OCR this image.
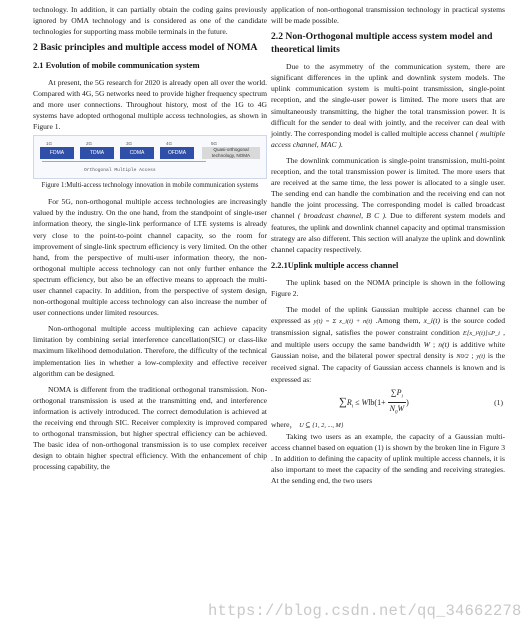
technology. In addition, it can partially obtain the coding gains previously ignored by OMA technology and is considered as one of the candidate technologies for supporting mass mobile terminals in the future.

2 Basic principles and multiple access model of NOMA
2.1 Evolution of mobile communication system

At present, the 5G research for 2020 is already open all over the world. Compared with 4G, 5G networks need to provide higher frequency spectrum and more user connections. Throughout history, most of the 1G to 4G systems have adopted orthogonal multiple access technologies, as shown in Figure 1.

1G	2G	3G	4G	5G
FDMA	TDMA	CDMA	OFDMA
Quasi-orthogonal technology, NOMA
Orthogonal Multiple Access
Figure 1:Multi-access technology innovation in mobile communication systems

For 5G, non-orthogonal multiple access technologies are increasingly valued by the industry. On the one hand, from the standpoint of single-user information theory, the single-link performance of LTE systems is already very close to the point-to-point channel capacity, so the room for improvement of single-link spectrum efficiency is very limited. On the other hand, from the perspective of multi-user information theory, the non-orthogonal multiple access technology can not only further enhance the spectrum efficiency, but also be an effective means to approach the multi-user channel capacity. In addition, from the perspective of system design, non-orthogonal multiple access technology can also increase the number of user connections under limited resources.

Non-orthogonal multiple access multiplexing can achieve capacity limitation by combining serial interference cancellation(SIC) or class-like maximum likelihood demodulation. Therefore, the difficulty of the technical implementation lies in whether a low-complexity and effective receiver algorithm can be designed.

NOMA is different from the traditional orthogonal transmission. Non-orthogonal transmission is used at the transmitting end, and interference information is actively introduced. The correct demodulation is achieved at the receiving end through SIC. Receiver complexity is improved compared to orthogonal transmission, but higher spectral efficiency can be achieved. The basic idea of non-orthogonal transmission is to use complex receiver design to obtain higher spectral efficiency. With the enhancement of chip processing capability, the

application of non-orthogonal transmission technology in practical systems will be made possible.

2.2 Non-Orthogonal multiple access system model and theoretical limits

Due to the asymmetry of the communication system, there are significant differences in the uplink and downlink system models. The uplink communication system is multi-point transmission, single-point reception, and the single-user power is limited. The more users that are simultaneously transmitting, the higher the total transmission power. It is difficult for the sender to deal with jointly, and the receiver can deal with jointly. The corresponding model is called multiple access channel ( multiple access channel, MAC ).

The downlink communication is single-point transmission, multi-point reception, and the total transmission power is limited. The more users that are received at the same time, the less power is allocated to a single user. The sending end can handle the combination and the receiving end can not handle the joint processing. The corresponding model is called broadcast channel ( broadcast channel, B C ). Due to different system models and features, the uplink and downlink channel capacity and optimal transmission strategy are also different. This section will analyze the uplink and downlink channel capacity respectively.

2.2.1Uplink multiple access channel

The uplink based on the NOMA principle is shown in the following Figure 2.

The model of the uplink Gaussian multiple access channel can be expressed as y(t) = Σ x_i(t) + n(t) .Among them, x_i(t) is the source coded transmission signal, satisfies the power constraint condition E[x_i²(t)]≤P_i , and multiple users occupy the same bandwidth W ; n(t) is additive white Gaussian noise, and the bilateral power spectral density is N0/2 ; y(t) is the received signal. The capacity of Gaussian access channels is known and is expressed as:

$\sum R_i \le Wlb(1+ \frac{\sum P_i}{N_0W}$ )	(1)

where， U ⊆ {1, 2, ..., M}

Taking two users as an example, the capacity of a Gaussian multi-access channel based on equation (1) is shown by the broken line in Figure 3 . In addition to defining the capacity of uplink multiple access channels, it is also important to meet the capacity of the sending and receiving strategies. At the sending end, the two users

https://blog.csdn.net/qq_34662278
